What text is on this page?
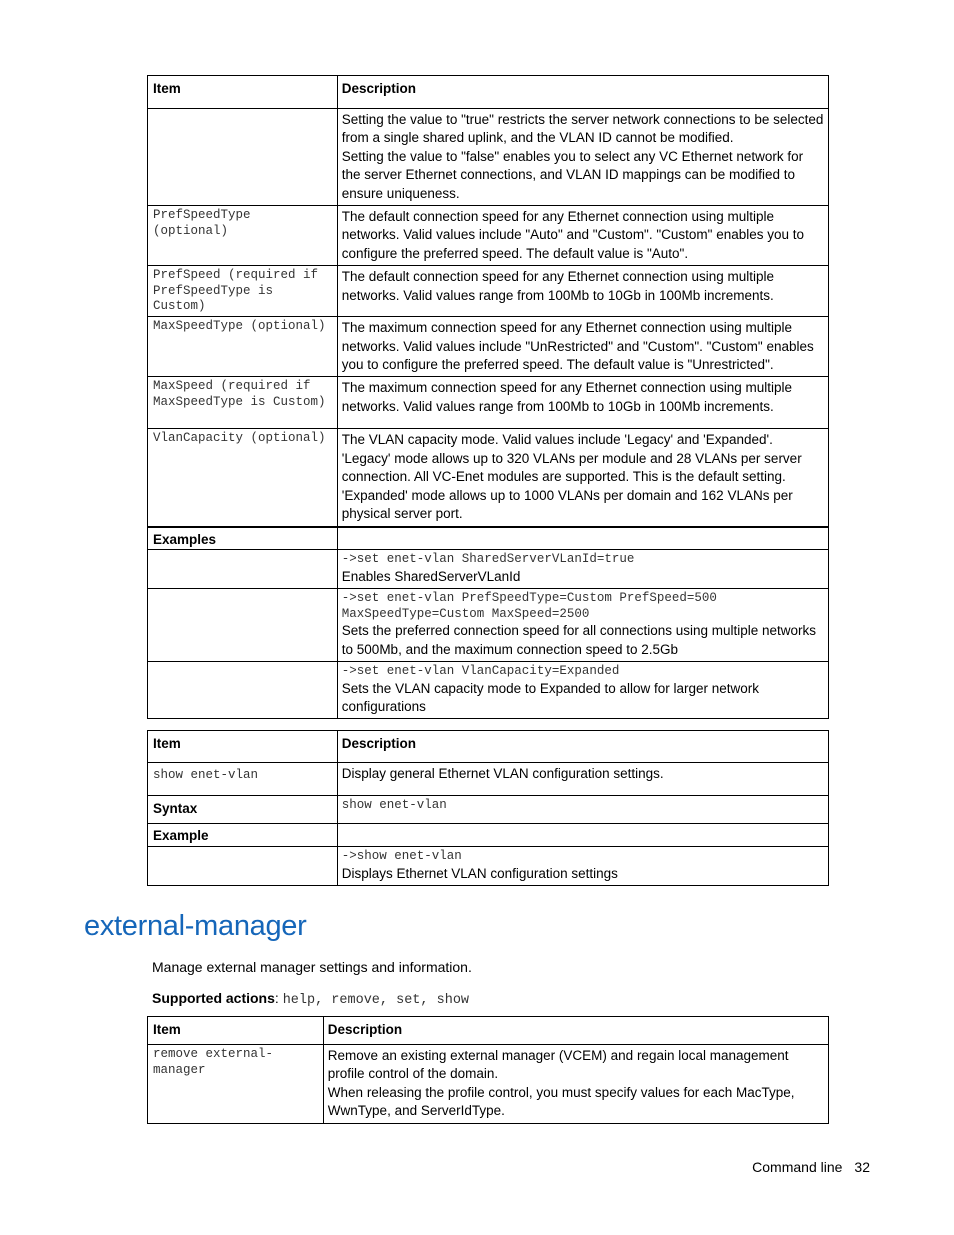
Item	Description

	Setting the value to "true" restricts the server network connections to be selected from a single shared uplink, and the VLAN ID cannot be modified.
Setting the value to "false" enables you to select any VC Ethernet network for the server Ethernet connections, and VLAN ID mappings can be modified to ensure uniqueness.

PrefSpeedType (optional)	The default connection speed for any Ethernet connection using multiple networks. Valid values include "Auto" and "Custom". "Custom" enables you to configure the preferred speed. The default value is "Auto".
PrefSpeed (required if PrefSpeedType is Custom)	The default connection speed for any Ethernet connection using multiple networks. Valid values range from 100Mb to 10Gb in 100Mb increments.
MaxSpeedType (optional)	The maximum connection speed for any Ethernet connection using multiple networks. Valid values include "UnRestricted" and "Custom". "Custom" enables you to configure the preferred speed. The default value is "Unrestricted".
MaxSpeed (required if MaxSpeedType is Custom)	The maximum connection speed for any Ethernet connection using multiple networks. Valid values range from 100Mb to 10Gb in 100Mb increments.
VlanCapacity (optional)	The VLAN capacity mode. Valid values include 'Legacy' and 'Expanded'. 'Legacy' mode allows up to 320 VLANs per module and 28 VLANs per server connection. All VC-Enet modules are supported. This is the default setting. 'Expanded' mode allows up to 1000 VLANs per domain and 162 VLANs per physical server port.
Examples	

	->set enet-vlan SharedServerVLanId=true
Enables SharedServerVLanId

	->set enet-vlan PrefSpeedType=Custom PrefSpeed=500 MaxSpeedType=Custom MaxSpeed=2500
Sets the preferred connection speed for all connections using multiple networks to 500Mb, and the maximum connection speed to 2.5Gb

	->set enet-vlan VlanCapacity=Expanded
Sets the VLAN capacity mode to Expanded to allow for larger network configurations
Item	Description

show enet-vlan	Display general Ethernet VLAN configuration settings.
Syntax	show enet-vlan
Example	

	->show enet-vlan
Displays Ethernet VLAN configuration settings
external-manager
Manage external manager settings and information.
Supported actions: help, remove, set, show
Item	Description

remove external-manager	Remove an existing external manager (VCEM) and regain local management profile control of the domain.
When releasing the profile control, you must specify values for each MacType, WwnType, and ServerIdType.
Command line 32
